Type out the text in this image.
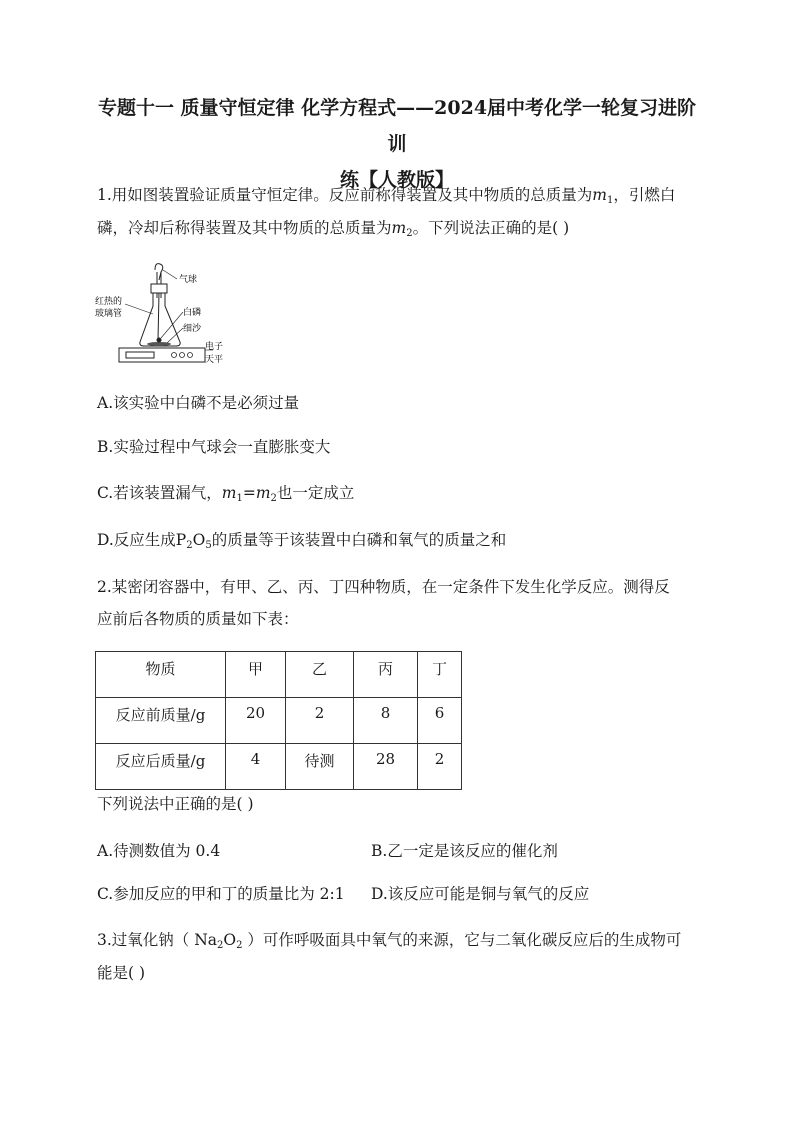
专题十一 质量守恒定律 化学方程式——2024届中考化学一轮复习进阶训
练【人教版】
1.用如图装置验证质量守恒定律。反应前称得装置及其中物质的总质量为$m_1$，引燃白
磷，冷却后称得装置及其中物质的总质量为$m_2$。下列说法正确的是( )
气球
红热的
玻璃管	白磷
细沙
电子
天平
A.该实验中白磷不是必须过量
B.实验过程中气球会一直膨胀变大
C.若该装置漏气，$m_1=m_2$也一定成立
D.反应生成$P_2O_5$的质量等于该装置中白磷和氧气的质量之和
2.某密闭容器中，有甲、乙、丙、丁四种物质，在一定条件下发生化学反应。测得反
应前后各物质的质量如下表：
物质	甲	乙	丙	丁
反应前质量/g	20	2	8	6
反应后质量/g	4	待测	28	2
下列说法中正确的是( )
A.待测数值为 0.4	B.乙一定是该反应的催化剂
C.参加反应的甲和丁的质量比为 2:1 D.该反应可能是铜与氧气的反应
3.过氧化钠（ $Na_2O_2$ ）可作呼吸面具中氧气的来源，它与二氧化碳反应后的生成物可
能是( )
